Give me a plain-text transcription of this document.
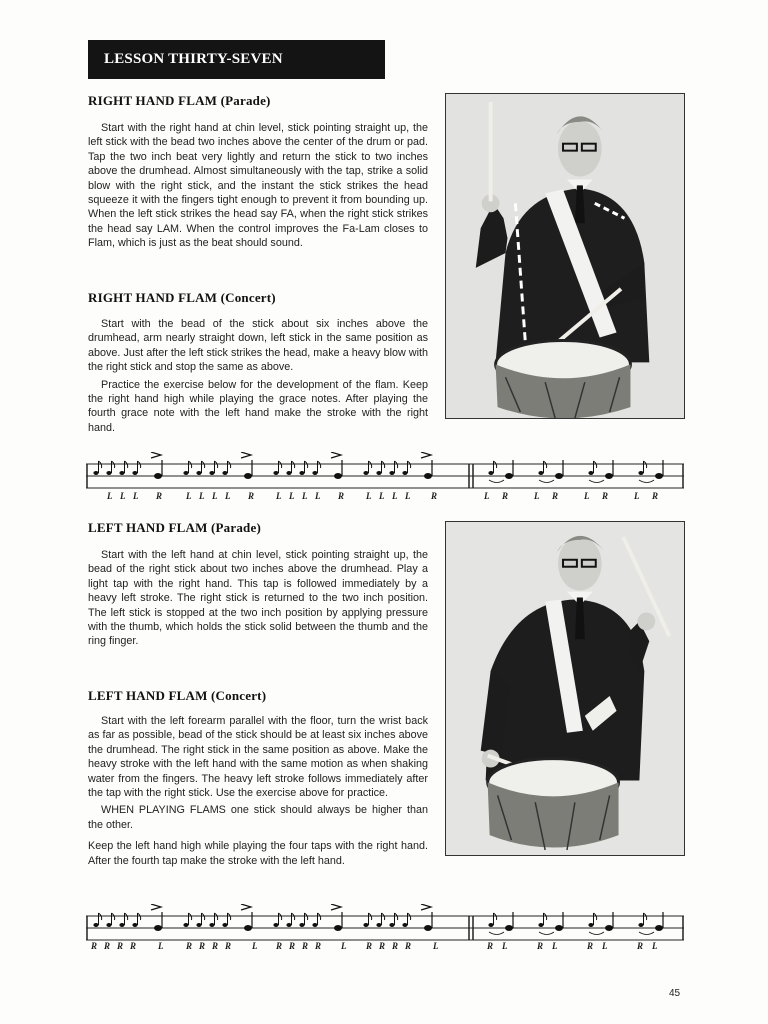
LESSON THIRTY-SEVEN
RIGHT HAND FLAM (Parade)

Start with the right hand at chin level, stick pointing straight up, the left stick with the bead two inches above the center of the drum or pad. Tap the two inch beat very lightly and return the stick to two inches above the drumhead. Almost simultaneously with the tap, strike a solid blow with the right stick, and the instant the stick strikes the head squeeze it with the fingers tight enough to prevent it from bounding up. When the left stick strikes the head say FA, when the right stick strikes the head say LAM. When the control improves the Fa-Lam closes to Flam, which is just as the beat should sound.

RIGHT HAND FLAM (Concert)

Start with the bead of the stick about six inches above the drumhead, arm nearly straight down, left stick in the same position as above. Just after the left stick strikes the head, make a heavy blow with the right stick and stop the same as above.

Practice the exercise below for the development of the flam. Keep the right hand high while playing the grace notes. After playing the fourth grace note with the left hand make the stroke with the right hand.

L L L R	L L L L R L L L L R L L L L R	L R	L R	L R	L R
LEFT HAND FLAM (Parade)

Start with the left hand at chin level, stick pointing straight up, the bead of the right stick about two inches above the drumhead. Play a light tap with the right hand. This tap is followed immediately by a heavy left stroke. The right stick is returned to the two inch position. The left stick is stopped at the two inch position by applying pressure with the thumb, which holds the stick solid between the thumb and the ring finger.

LEFT HAND FLAM (Concert)

Start with the left forearm parallel with the floor, turn the wrist back as far as possible, bead of the stick should be at least six inches above the drumhead. The right stick in the same position as above. Make the heavy stroke with the left hand with the same motion as when shaking water from the fingers. The heavy left stroke follows immediately after the tap with the right stick. Use the exercise above for practice.

WHEN PLAYING FLAMS one stick should always be higher than the other.

Keep the left hand high while playing the four taps with the right hand. After the fourth tap make the stroke with the left hand.

R R R R L	R R R R L R R R R L R R R R L	R L	R L	R L	R L
45
